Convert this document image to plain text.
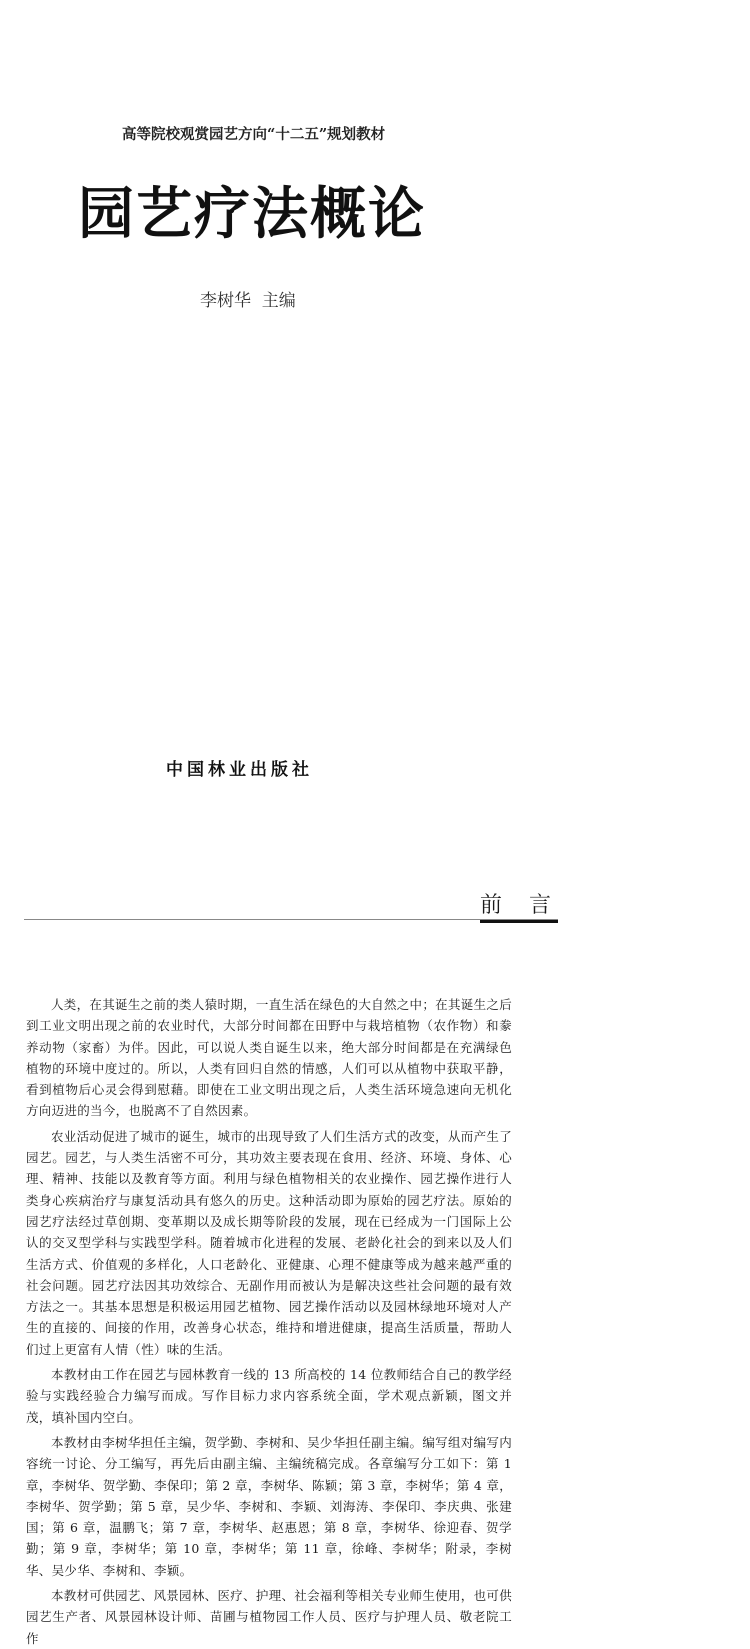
高等院校观赏园艺方向“十二五”规划教材
园艺疗法概论
李树华  主编
中国林业出版社
前 言

人类，在其诞生之前的类人猿时期，一直生活在绿色的大自然之中；在其诞生之后到工业文明出现之前的农业时代，大部分时间都在田野中与栽培植物（农作物）和豢养动物（家畜）为伴。因此，可以说人类自诞生以来，绝大部分时间都是在充满绿色植物的环境中度过的。所以，人类有回归自然的情感，人们可以从植物中获取平静，看到植物后心灵会得到慰藉。即使在工业文明出现之后，人类生活环境急速向无机化方向迈进的当今，也脱离不了自然因素。

农业活动促进了城市的诞生，城市的出现导致了人们生活方式的改变，从而产生了园艺。园艺，与人类生活密不可分，其功效主要表现在食用、经济、环境、身体、心理、精神、技能以及教育等方面。利用与绿色植物相关的农业操作、园艺操作进行人类身心疾病治疗与康复活动具有悠久的历史。这种活动即为原始的园艺疗法。原始的园艺疗法经过草创期、变革期以及成长期等阶段的发展，现在已经成为一门国际上公认的交叉型学科与实践型学科。随着城市化进程的发展、老龄化社会的到来以及人们生活方式、价值观的多样化，人口老龄化、亚健康、心理不健康等成为越来越严重的社会问题。园艺疗法因其功效综合、无副作用而被认为是解决这些社会问题的最有效方法之一。其基本思想是积极运用园艺植物、园艺操作活动以及园林绿地环境对人产生的直接的、间接的作用，改善身心状态，维持和增进健康，提高生活质量，帮助人们过上更富有人情（性）味的生活。

本教材由工作在园艺与园林教育一线的 13 所高校的 14 位教师结合自己的教学经验与实践经验合力编写而成。写作目标力求内容系统全面，学术观点新颖，图文并茂，填补国内空白。

本教材由李树华担任主编，贺学勤、李树和、吴少华担任副主编。编写组对编写内容统一讨论、分工编写，再先后由副主编、主编统稿完成。各章编写分工如下：第 1 章，李树华、贺学勤、李保印；第 2 章，李树华、陈颖；第 3 章，李树华；第 4 章，李树华、贺学勤；第 5 章，吴少华、李树和、李颖、刘海涛、李保印、李庆典、张建国；第 6 章，温鹏飞；第 7 章，李树华、赵惠恩；第 8 章，李树华、徐迎春、贺学勤；第 9 章，李树华；第 10 章，李树华；第 11 章，徐峰、李树华；附录，李树华、吴少华、李树和、李颖。

本教材可供园艺、风景园林、医疗、护理、社会福利等相关专业师生使用，也可供园艺生产者、风景园林设计师、苗圃与植物园工作人员、医疗与护理人员、敬老院工作
